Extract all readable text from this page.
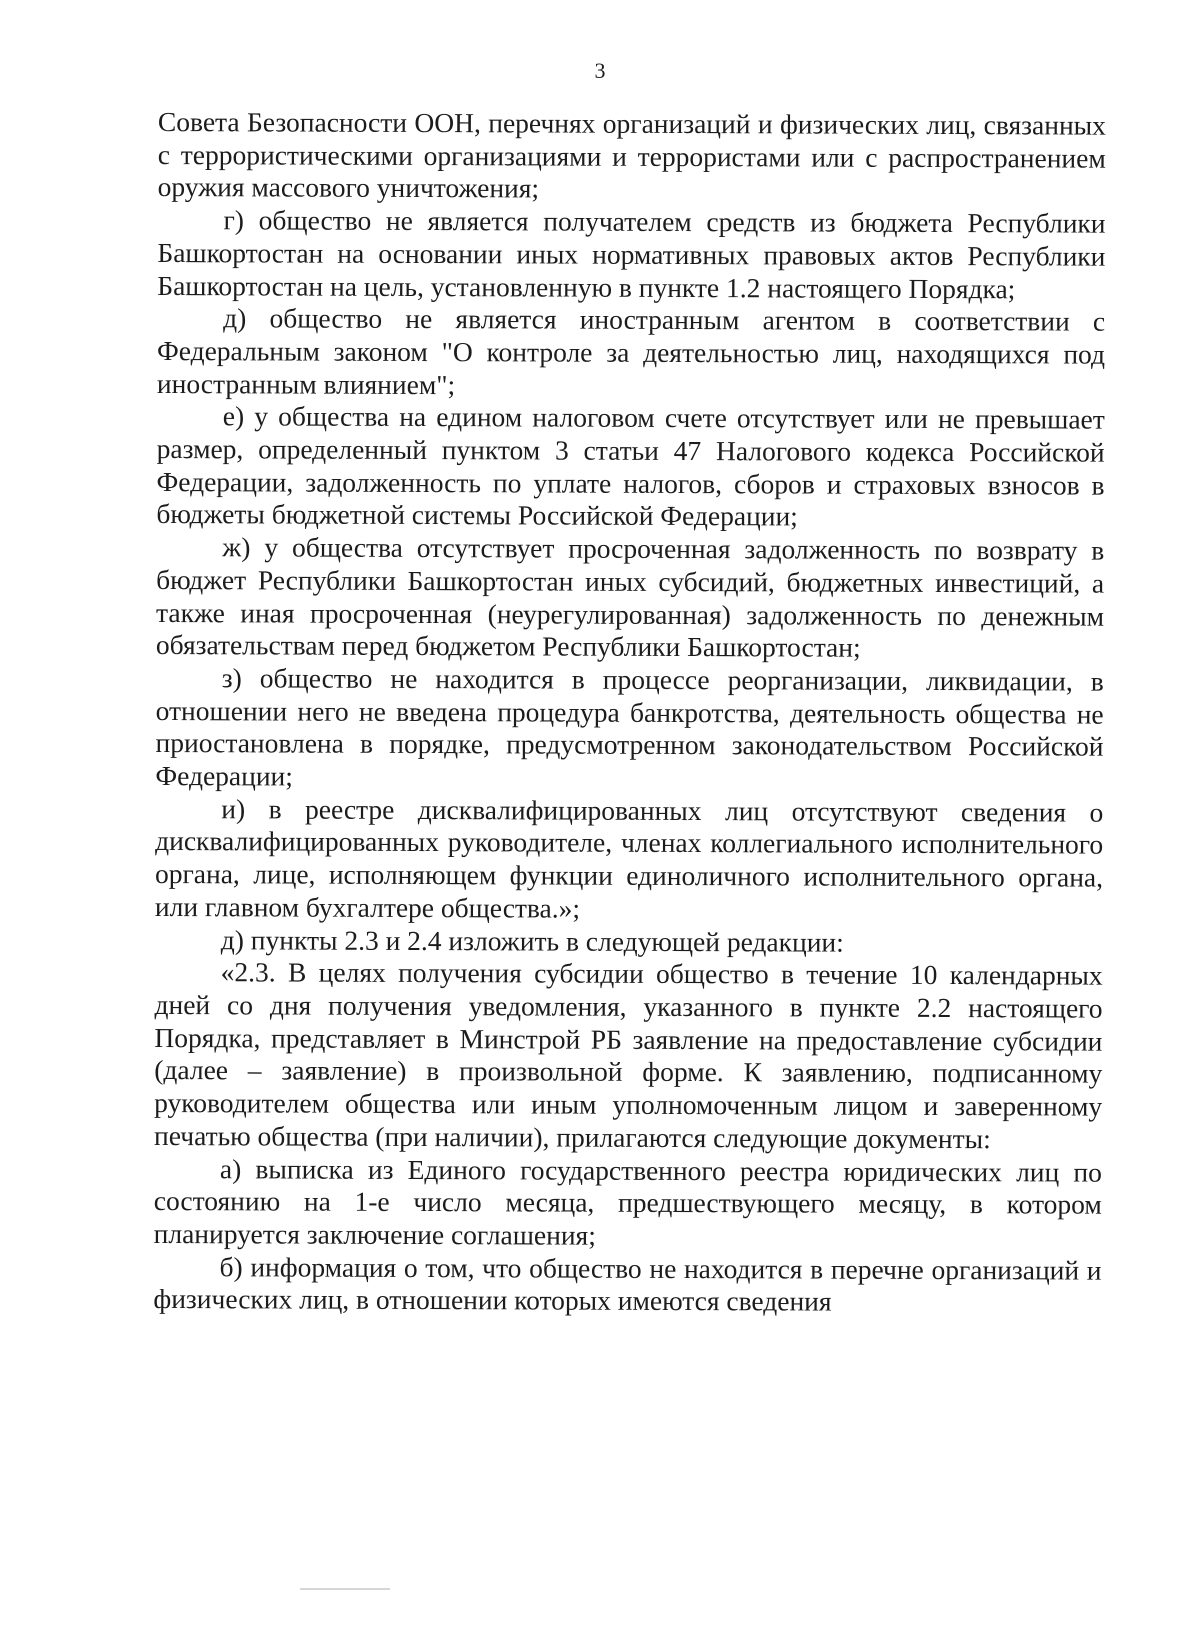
3

Совета Безопасности ООН, перечнях организаций и физических лиц, связанных с террористическими организациями и террористами или с распространением оружия массового уничтожения;

г) общество не является получателем средств из бюджета Республики Башкортостан на основании иных нормативных правовых актов Республики Башкортостан на цель, установленную в пункте 1.2 настоящего Порядка;

д) общество не является иностранным агентом в соответствии с Федеральным законом "О контроле за деятельностью лиц, находящихся под иностранным влиянием";

е) у общества на едином налоговом счете отсутствует или не превышает размер, определенный пунктом 3 статьи 47 Налогового кодекса Российской Федерации, задолженность по уплате налогов, сборов и страховых взносов в бюджеты бюджетной системы Российской Федерации;

ж) у общества отсутствует просроченная задолженность по возврату в бюджет Республики Башкортостан иных субсидий, бюджетных инвестиций, а также иная просроченная (неурегулированная) задолженность по денежным обязательствам перед бюджетом Республики Башкортостан;

з) общество не находится в процессе реорганизации, ликвидации, в отношении него не введена процедура банкротства, деятельность общества не приостановлена в порядке, предусмотренном законодательством Российской Федерации;

и) в реестре дисквалифицированных лиц отсутствуют сведения о дисквалифицированных руководителе, членах коллегиального исполнительного органа, лице, исполняющем функции единоличного исполнительного органа, или главном бухгалтере общества.»;

д) пункты 2.3 и 2.4 изложить в следующей редакции:

«2.3. В целях получения субсидии общество в течение 10 календарных дней со дня получения уведомления, указанного в пункте 2.2 настоящего Порядка, представляет в Минстрой РБ заявление на предоставление субсидии (далее – заявление) в произвольной форме. К заявлению, подписанному руководителем общества или иным уполномоченным лицом и заверенному печатью общества (при наличии), прилагаются следующие документы:

а) выписка из Единого государственного реестра юридических лиц по состоянию на 1-е число месяца, предшествующего месяцу, в котором планируется заключение соглашения;

б) информация о том, что общество не находится в перечне организаций и физических лиц, в отношении которых имеются сведения
